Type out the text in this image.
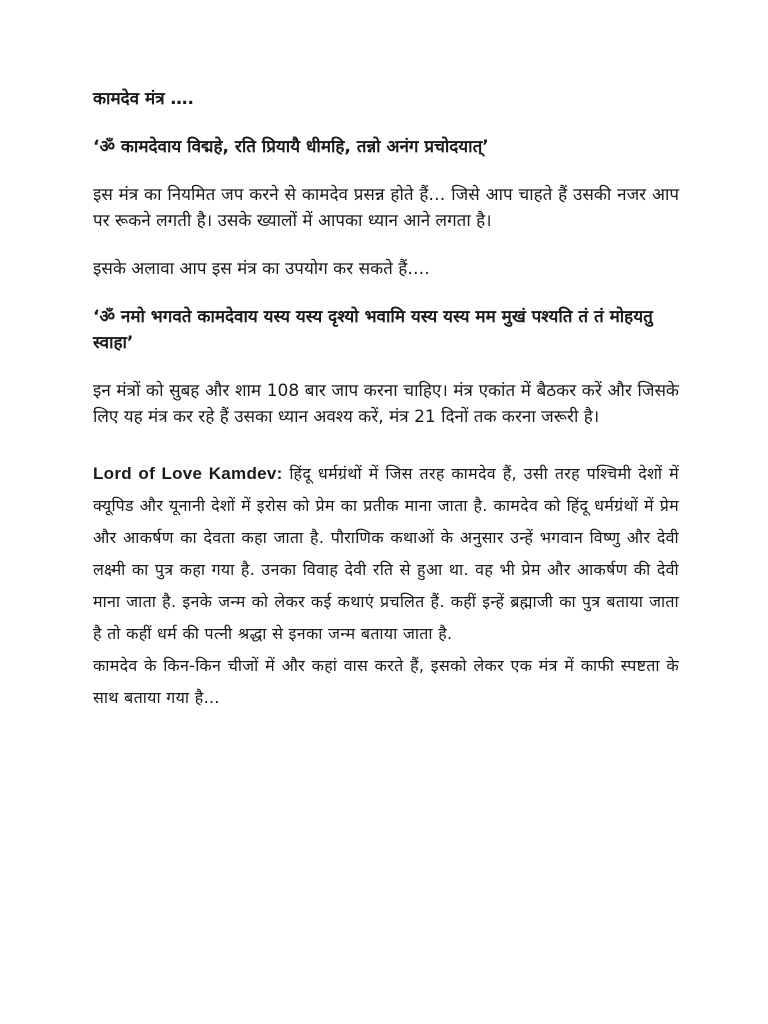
कामदेव मंत्र ….
‘ॐ कामदेवाय विद्महे, रति प्रियायै धीमहि, तन्नो अनंग प्रचोदयात्’
इस मंत्र का नियमित जप करने से कामदेव प्रसन्न होते हैं… जिसे आप चाहते हैं उसकी नजर आप पर रूकने लगती है। उसके ख्यालों में आपका ध्यान आने लगता है।
इसके अलावा आप इस मंत्र का उपयोग कर सकते हैं….
‘ॐ नमो भगवते कामदेवाय यस्य यस्य दृश्यो भवामि यस्य यस्य मम मुखं पश्यति तं तं मोहयतु स्वाहा’
इन मंत्रों को सुबह और शाम 108 बार जाप करना चाहिए। मंत्र एकांत में बैठकर करें और जिसके लिए यह मंत्र कर रहे हैं उसका ध्यान अवश्य करें, मंत्र 21 दिनों तक करना जरूरी है।
Lord of Love Kamdev: हिंदू धर्मग्रंथों में जिस तरह कामदेव हैं, उसी तरह पश्चिमी देशों में क्यूपिड और यूनानी देशों में इरोस को प्रेम का प्रतीक माना जाता है. कामदेव को हिंदू धर्मग्रंथों में प्रेम और आकर्षण का देवता कहा जाता है. पौराणिक कथाओं के अनुसार उन्हें भगवान विष्णु और देवी लक्ष्मी का पुत्र कहा गया है. उनका विवाह देवी रति से हुआ था. वह भी प्रेम और आकर्षण की देवी माना जाता है. इनके जन्म को लेकर कई कथाएं प्रचलित हैं. कहीं इन्हें ब्रह्माजी का पुत्र बताया जाता है तो कहीं धर्म की पत्नी श्रद्धा से इनका जन्म बताया जाता है.
कामदेव के किन-किन चीजों में और कहां वास करते हैं, इसको लेकर एक मंत्र में काफी स्पष्टता के साथ बताया गया है…
